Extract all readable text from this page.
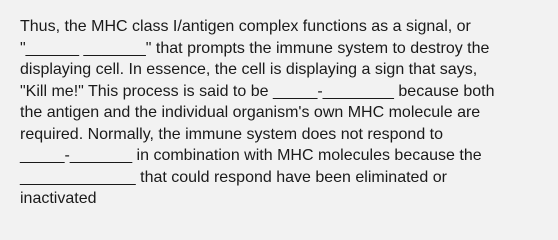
Thus, the MHC class I/antigen complex functions as a signal, or
"______ _______" that prompts the immune system to destroy the
displaying cell. In essence, the cell is displaying a sign that says,
"Kill me!" This process is said to be _____-________ because both
the antigen and the individual organism's own MHC molecule are
required. Normally, the immune system does not respond to
_____-_______ in combination with MHC molecules because the
_____________ that could respond have been eliminated or
inactivated
